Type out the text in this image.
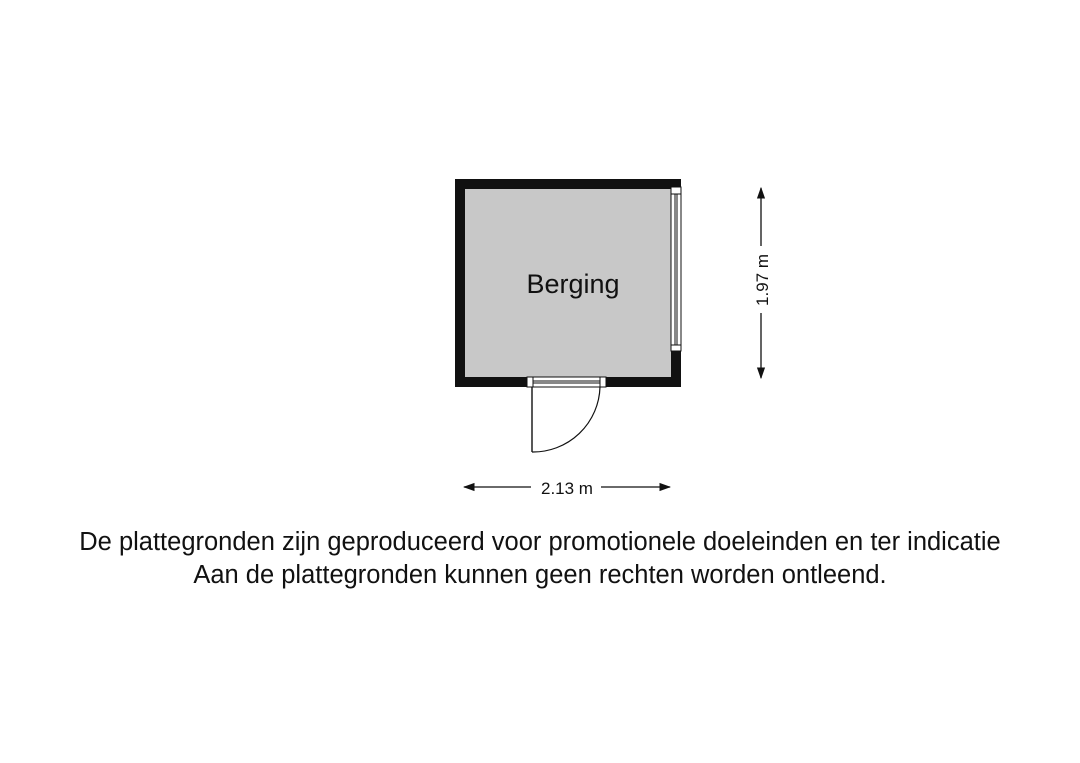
Berging
2.13 m
1.97 m
De plattegronden zijn geproduceerd voor promotionele doeleinden en ter indicatie
Aan de plattegronden kunnen geen rechten worden ontleend.
